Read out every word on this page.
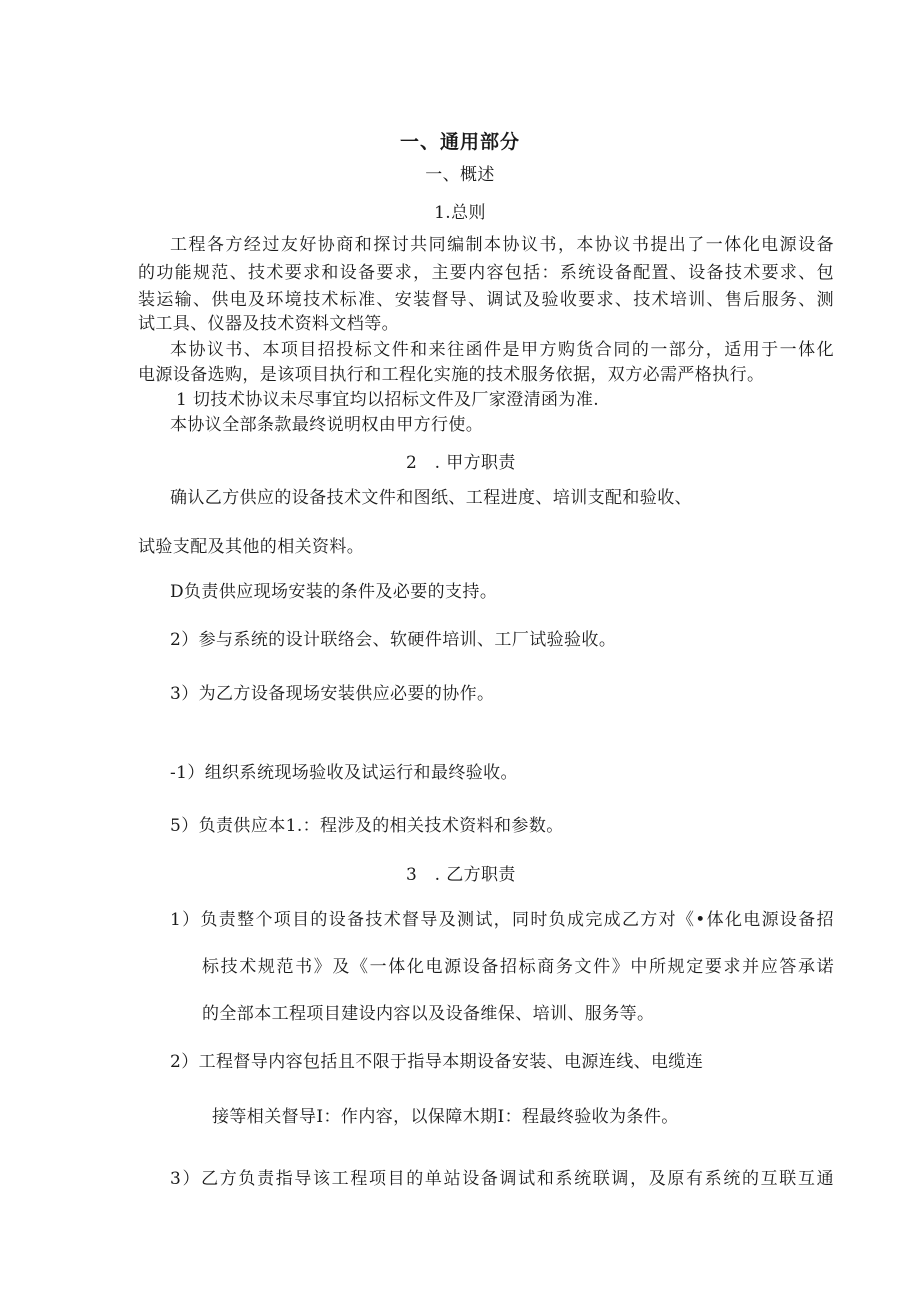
一、通用部分
一、概述
1.总则
工程各方经过友好协商和探讨共同编制本协议书，本协议书提出了一体化电源设备
的功能规范、技术要求和设备要求，主要内容包括：系统设备配置、设备技术要求、包
装运输、供电及环境技术标准、安装督导、调试及验收要求、技术培训、售后服务、测
试工具、仪器及技术资料文档等。
本协议书、本项目招投标文件和来往函件是甲方购货合同的一部分，适用于一体化
电源设备选购，是该项目执行和工程化实施的技术服务依据，双方必需严格执行。
1 切技术协议未尽事宜均以招标文件及厂家澄清函为准.
本协议全部条款最终说明权由甲方行使。
2　. 甲方职责
确认乙方供应的设备技术文件和图纸、工程进度、培训支配和验收、
试验支配及其他的相关资料。
D负责供应现场安装的条件及必要的支持。
2）参与系统的设计联络会、软硬件培训、工厂试验验收。
3）为乙方设备现场安装供应必要的协作。
-1）组织系统现场验收及试运行和最终验收。
5）负责供应本1.：程涉及的相关技术资料和参数。
3　. 乙方职责
1）负责整个项目的设备技术督导及测试，同时负成完成乙方对《•体化电源设备招
标技术规范书》及《一体化电源设备招标商务文件》中所规定要求并应答承诺
的全部本工程项目建设内容以及设备维保、培训、服务等。
2）工程督导内容包括且不限于指导本期设备安装、电源连线、电缆连
接等相关督导I：作内容，以保障木期I：程最终验收为条件。
3）乙方负责指导该工程项目的单站设备调试和系统联调，及原有系统的互联互通
